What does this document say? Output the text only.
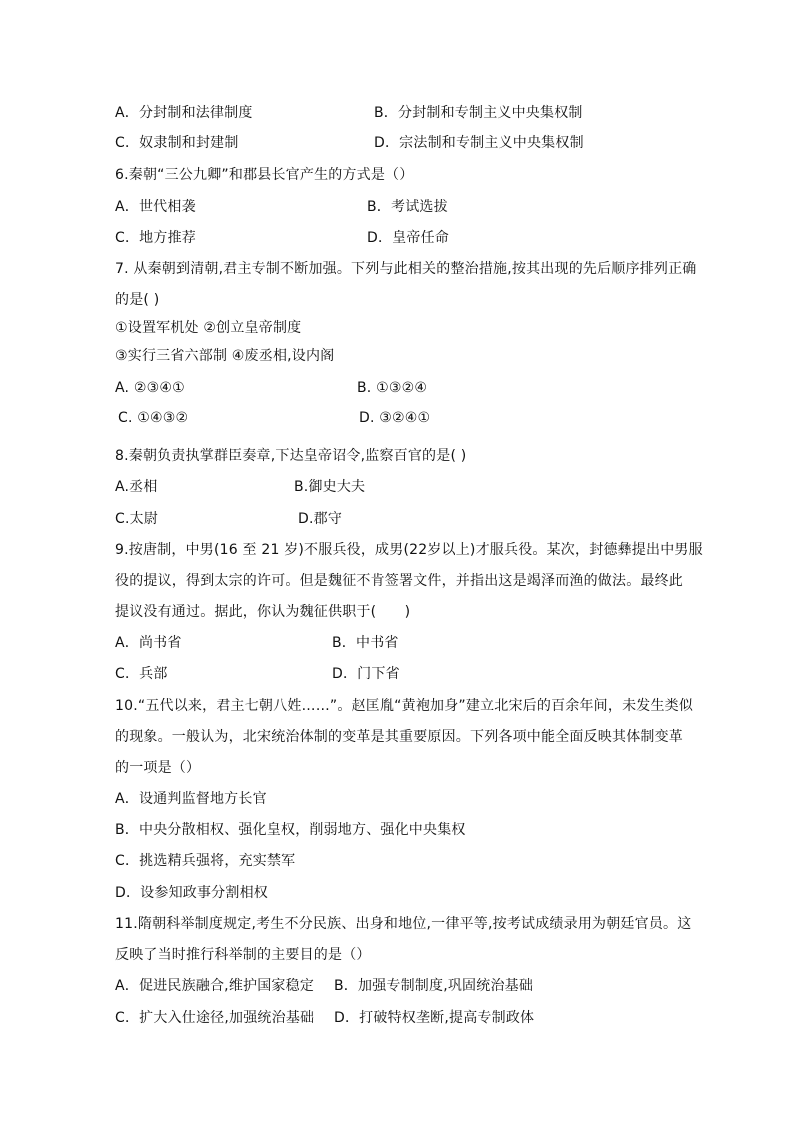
A．分封制和法律制度	B．分封制和专制主义中央集权制
C．奴隶制和封建制	D．宗法制和专制主义中央集权制
6.秦朝“三公九卿”和郡县长官产生的方式是（）
A．世代相袭	B．考试选拔
C．地方推荐	D．皇帝任命
7. 从秦朝到清朝,君主专制不断加强。下列与此相关的整治措施,按其出现的先后顺序排列正确
的是( )
①设置军机处 ②创立皇帝制度
③实行三省六部制 ④废丞相,设内阁
A. ②③④①	B. ①③②④
C. ①④③②	D. ③②④①
8.秦朝负责执掌群臣奏章,下达皇帝诏令,监察百官的是( )
A.丞相	B.御史大夫
C.太尉	D.郡守
9.按唐制，中男(16 至 21 岁)不服兵役，成男(22岁以上)才服兵役。某次，封德彝提出中男服
役的提议，得到太宗的许可。但是魏征不肯签署文件，并指出这是竭泽而渔的做法。最终此
提议没有通过。据此，你认为魏征供职于(　　)
A．尚书省	B．中书省
C．兵部	D．门下省
10.“五代以来，君主七朝八姓……”。赵匡胤“黄袍加身”建立北宋后的百余年间，未发生类似
的现象。一般认为，北宋统治体制的变革是其重要原因。下列各项中能全面反映其体制变革
的一项是（）
A．设通判监督地方长官
B．中央分散相权、强化皇权，削弱地方、强化中央集权
C．挑选精兵强将，充实禁军
D．设参知政事分割相权
11.隋朝科举制度规定,考生不分民族、出身和地位,一律平等,按考试成绩录用为朝廷官员。这
反映了当时推行科举制的主要目的是（）
A．促进民族融合,维护国家稳定 B．加强专制制度,巩固统治基础
C．扩大入仕途径,加强统治基础 D．打破特权垄断,提高专制政体
